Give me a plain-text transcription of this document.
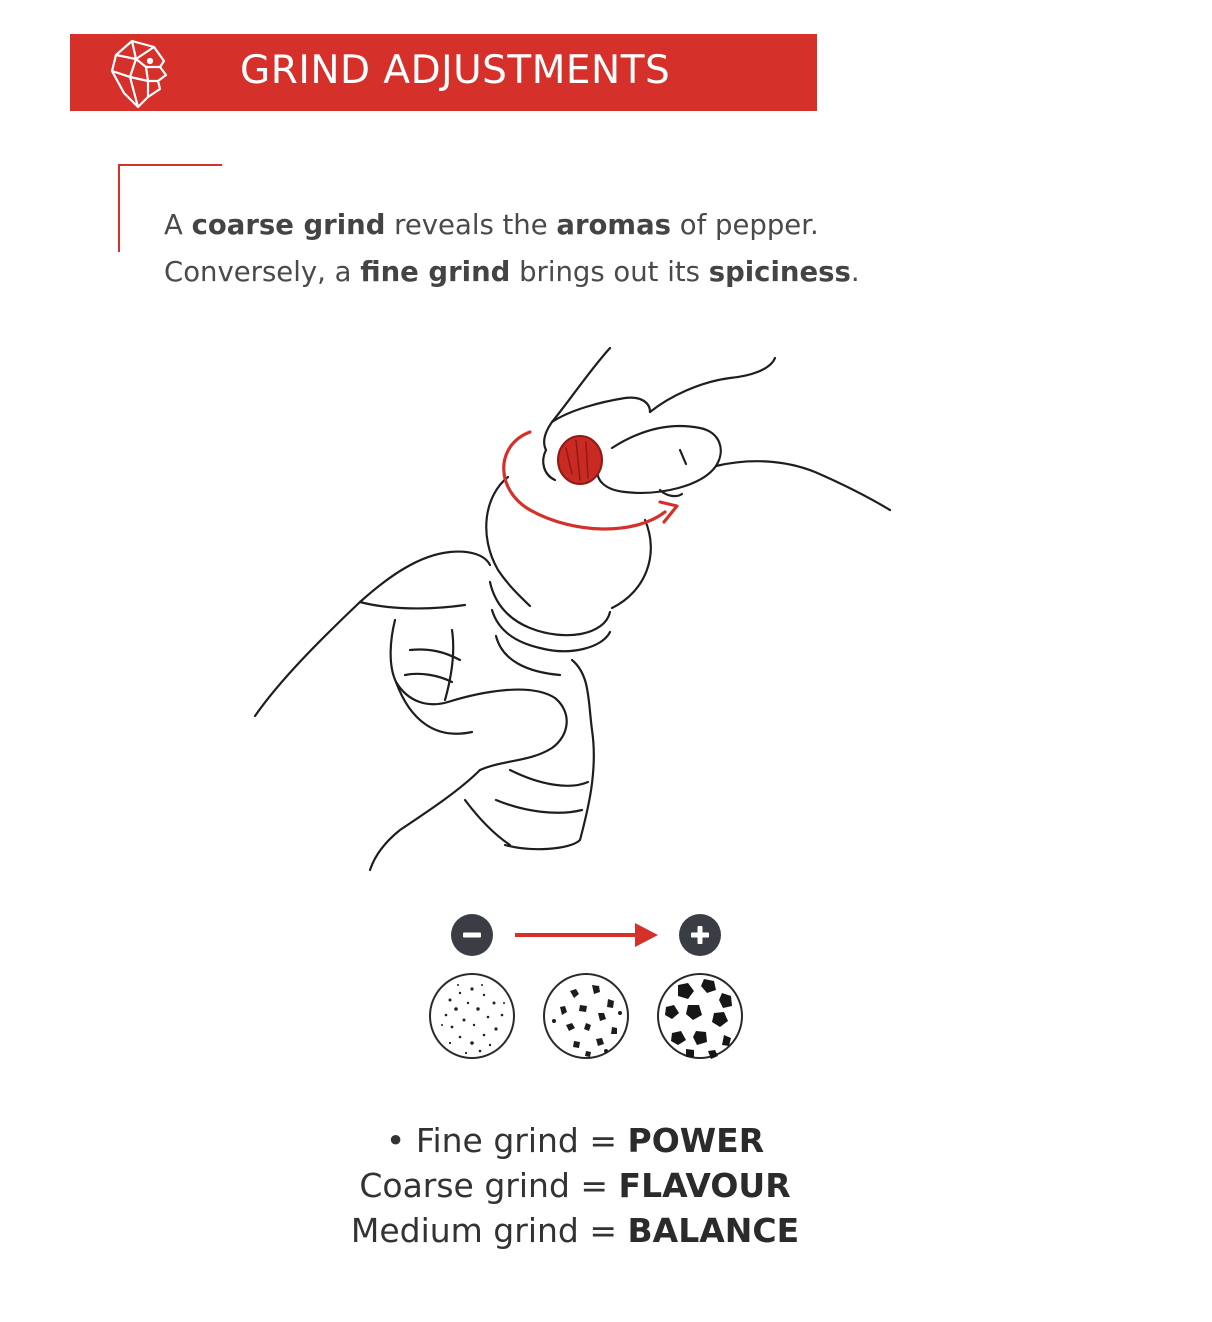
GRIND ADJUSTMENTS
A coarse grind reveals the aromas of pepper.
Conversely, a fine grind brings out its spiciness.
• Fine grind = POWER
Coarse grind = FLAVOUR
Medium grind = BALANCE
